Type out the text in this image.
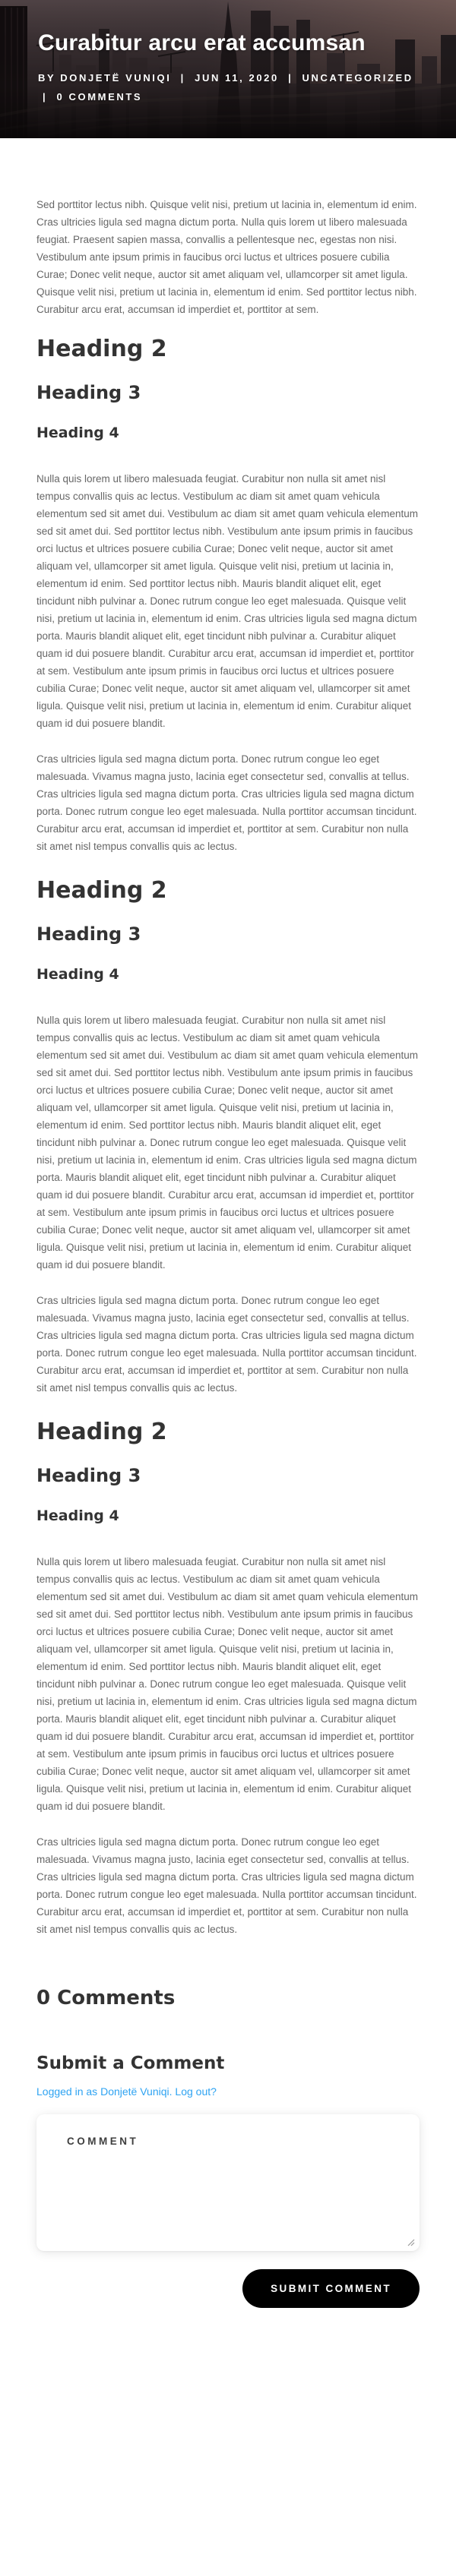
Curabitur arcu erat accumsan
BY DONJETË VUNIQI | JUN 11, 2020 | UNCATEGORIZED | 0 COMMENTS

Sed porttitor lectus nibh. Quisque velit nisi, pretium ut lacinia in, elementum id enim. Cras ultricies ligula sed magna dictum porta. Nulla quis lorem ut libero malesuada feugiat. Praesent sapien massa, convallis a pellentesque nec, egestas non nisi. Vestibulum ante ipsum primis in faucibus orci luctus et ultrices posuere cubilia Curae; Donec velit neque, auctor sit amet aliquam vel, ullamcorper sit amet ligula. Quisque velit nisi, pretium ut lacinia in, elementum id enim. Sed porttitor lectus nibh. Curabitur arcu erat, accumsan id imperdiet et, porttitor at sem.

Heading 2
Heading 3
Heading 4

Nulla quis lorem ut libero malesuada feugiat. Curabitur non nulla sit amet nisl tempus convallis quis ac lectus. Vestibulum ac diam sit amet quam vehicula elementum sed sit amet dui. Vestibulum ac diam sit amet quam vehicula elementum sed sit amet dui. Sed porttitor lectus nibh. Vestibulum ante ipsum primis in faucibus orci luctus et ultrices posuere cubilia Curae; Donec velit neque, auctor sit amet aliquam vel, ullamcorper sit amet ligula. Quisque velit nisi, pretium ut lacinia in, elementum id enim. Sed porttitor lectus nibh. Mauris blandit aliquet elit, eget tincidunt nibh pulvinar a. Donec rutrum congue leo eget malesuada. Quisque velit nisi, pretium ut lacinia in, elementum id enim. Cras ultricies ligula sed magna dictum porta. Mauris blandit aliquet elit, eget tincidunt nibh pulvinar a. Curabitur aliquet quam id dui posuere blandit. Curabitur arcu erat, accumsan id imperdiet et, porttitor at sem. Vestibulum ante ipsum primis in faucibus orci luctus et ultrices posuere cubilia Curae; Donec velit neque, auctor sit amet aliquam vel, ullamcorper sit amet ligula. Quisque velit nisi, pretium ut lacinia in, elementum id enim. Curabitur aliquet quam id dui posuere blandit.

Cras ultricies ligula sed magna dictum porta. Donec rutrum congue leo eget malesuada. Vivamus magna justo, lacinia eget consectetur sed, convallis at tellus. Cras ultricies ligula sed magna dictum porta. Cras ultricies ligula sed magna dictum porta. Donec rutrum congue leo eget malesuada. Nulla porttitor accumsan tincidunt. Curabitur arcu erat, accumsan id imperdiet et, porttitor at sem. Curabitur non nulla sit amet nisl tempus convallis quis ac lectus.

Heading 2
Heading 3
Heading 4

Nulla quis lorem ut libero malesuada feugiat. Curabitur non nulla sit amet nisl tempus convallis quis ac lectus. Vestibulum ac diam sit amet quam vehicula elementum sed sit amet dui. Vestibulum ac diam sit amet quam vehicula elementum sed sit amet dui. Sed porttitor lectus nibh. Vestibulum ante ipsum primis in faucibus orci luctus et ultrices posuere cubilia Curae; Donec velit neque, auctor sit amet aliquam vel, ullamcorper sit amet ligula. Quisque velit nisi, pretium ut lacinia in, elementum id enim. Sed porttitor lectus nibh. Mauris blandit aliquet elit, eget tincidunt nibh pulvinar a. Donec rutrum congue leo eget malesuada. Quisque velit nisi, pretium ut lacinia in, elementum id enim. Cras ultricies ligula sed magna dictum porta. Mauris blandit aliquet elit, eget tincidunt nibh pulvinar a. Curabitur aliquet quam id dui posuere blandit. Curabitur arcu erat, accumsan id imperdiet et, porttitor at sem. Vestibulum ante ipsum primis in faucibus orci luctus et ultrices posuere cubilia Curae; Donec velit neque, auctor sit amet aliquam vel, ullamcorper sit amet ligula. Quisque velit nisi, pretium ut lacinia in, elementum id enim. Curabitur aliquet quam id dui posuere blandit.

Cras ultricies ligula sed magna dictum porta. Donec rutrum congue leo eget malesuada. Vivamus magna justo, lacinia eget consectetur sed, convallis at tellus. Cras ultricies ligula sed magna dictum porta. Cras ultricies ligula sed magna dictum porta. Donec rutrum congue leo eget malesuada. Nulla porttitor accumsan tincidunt. Curabitur arcu erat, accumsan id imperdiet et, porttitor at sem. Curabitur non nulla sit amet nisl tempus convallis quis ac lectus.

Heading 2
Heading 3
Heading 4

Nulla quis lorem ut libero malesuada feugiat. Curabitur non nulla sit amet nisl tempus convallis quis ac lectus. Vestibulum ac diam sit amet quam vehicula elementum sed sit amet dui. Vestibulum ac diam sit amet quam vehicula elementum sed sit amet dui. Sed porttitor lectus nibh. Vestibulum ante ipsum primis in faucibus orci luctus et ultrices posuere cubilia Curae; Donec velit neque, auctor sit amet aliquam vel, ullamcorper sit amet ligula. Quisque velit nisi, pretium ut lacinia in, elementum id enim. Sed porttitor lectus nibh. Mauris blandit aliquet elit, eget tincidunt nibh pulvinar a. Donec rutrum congue leo eget malesuada. Quisque velit nisi, pretium ut lacinia in, elementum id enim. Cras ultricies ligula sed magna dictum porta. Mauris blandit aliquet elit, eget tincidunt nibh pulvinar a. Curabitur aliquet quam id dui posuere blandit. Curabitur arcu erat, accumsan id imperdiet et, porttitor at sem. Vestibulum ante ipsum primis in faucibus orci luctus et ultrices posuere cubilia Curae; Donec velit neque, auctor sit amet aliquam vel, ullamcorper sit amet ligula. Quisque velit nisi, pretium ut lacinia in, elementum id enim. Curabitur aliquet quam id dui posuere blandit.

Cras ultricies ligula sed magna dictum porta. Donec rutrum congue leo eget malesuada. Vivamus magna justo, lacinia eget consectetur sed, convallis at tellus. Cras ultricies ligula sed magna dictum porta. Cras ultricies ligula sed magna dictum porta. Donec rutrum congue leo eget malesuada. Nulla porttitor accumsan tincidunt. Curabitur arcu erat, accumsan id imperdiet et, porttitor at sem. Curabitur non nulla sit amet nisl tempus convallis quis ac lectus.

0 Comments
Submit a Comment

Logged in as Donjetë Vuniqi. Log out?

COMMENT
SUBMIT COMMENT
